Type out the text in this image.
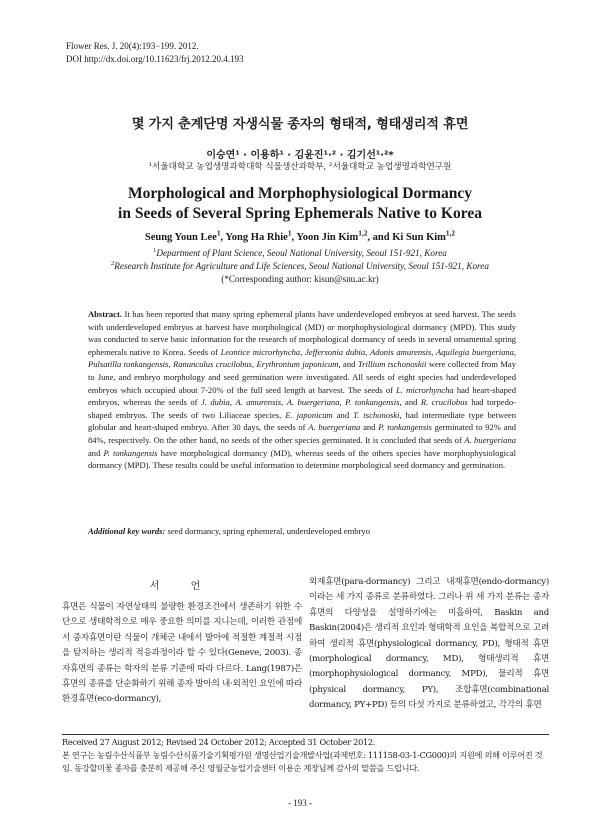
Flower Res. J. 20(4):193−199. 2012.
DOI http://dx.doi.org/10.11623/frj.2012.20.4.193
몇 가지 춘계단명 자생식물 종자의 형태적, 형태생리적 휴면
이승연¹ · 이용하¹ · 김윤진¹·² · 김기선¹·²*
¹서울대학교 농업생명과학대학 식물생산과학부, ²서울대학교 농업생명과학연구원
Morphological and Morphophysiological Dormancy
in Seeds of Several Spring Ephemerals Native to Korea
Seung Youn Lee$^1$, Yong Ha Rhie$^1$, Yoon Jin Kim$^{1,2}$, and Ki Sun Kim$^{1,2}$
$^1$Department of Plant Science, Seoul National University, Seoul 151-921, Korea
$^2$Research Institute for Agriculture and Life Sciences, Seoul National University, Seoul 151-921, Korea
(*Corresponding author: kisun@snu.ac.kr)

Abstract. It has been reported that many spring ephemeral plants have underdeveloped embryos at seed harvest. The seeds with underdeveloped embryos at harvest have morphological (MD) or morphophysiological dormancy (MPD). This study was conducted to serve basic information for the research of morphological dormancy of seeds in several ornamental spring ephemerals native to Korea. Seeds of Leontice microrhyncha, Jeffersonia dubia, Adonis amurensis, Aquilegia buergeriana, Pulsatilla tonkangensis, Ranunculus crucilobus, Erythronium japonicum, and Trillium tschonoskii were collected from May to June, and embryo morphology and seed germination were investigated. All seeds of eight species had underdeveloped embryos which occupied about 7-20% of the full seed length at harvest. The seeds of L. microrhyncha had heart-shaped embryos, whereas the seeds of J. dubia, A. amurensis, A. buergeriana, P. tonkangensis, and R. crucilobus had torpedo-shaped embryos. The seeds of two Liliaceae species, E. japonicum and T. tschonoski, had intermediate type between globular and heart-shaped embryo. After 30 days, the seeds of A. buergeriana and P. tonkangensis germinated to 92% and 84%, respectively. On the other hand, no seeds of the other species germinated. It is concluded that seeds of A. buergeriana and P. tonkangensis have morphological dormancy (MD), whereas seeds of the others species have morphophysiological dormancy (MPD). These results could be useful information to determine morphological seed dormancy and germination.

Additional key words: seed dormancy, spring ephemeral, underdeveloped embryo

서 언

휴면은 식물이 자연상태의 불량한 환경조건에서 생존하기 위한 수단으로 생태학적으로 매우 중요한 의미를 지니는데, 이러한 관점에서 종자휴면이란 식물이 개체군 내에서 발아에 적절한 계절적 시점을 탐지하는 생리적 적응과정이라 할 수 있다(Geneve, 2003). 종자휴면의 종류는 학자의 분류 기준에 따라 다르다. Lang(1987)은 휴면의 종류를 단순화하기 위해 종자 발아의 내·외적인 요인에 따라 환경휴면(eco-dormancy),

외재휴면(para-dormancy) 그리고 내재휴면(endo-dormancy)이라는 세 가지 종류로 분류하였다. 그러나 위 세 가지 분류는 종자휴면의 다양성을 설명하기에는 미흡하여, Baskin and Baskin(2004)은 생리적 요인과 형태학적 요인을 복합적으로 고려하여 생리적 휴면(physiological dormancy, PD), 형태적 휴면(morphological dormancy, MD), 형태생리적 휴면(morphophysiological dormancy, MPD), 물리적 휴면(physical dormancy, PY), 조합휴면(combinational dormancy, PY+PD) 등의 다섯 가지로 분류하였고, 각각의 휴면

Received 27 August 2012; Revised 24 October 2012; Accepted 31 October 2012.
본 연구는 농림수산식품부 농림수산식품기술기획평가원 생명산업기술개발사업(과제번호: 111158-03-1-CG000)의 지원에 의해 이루어진 것임. 동강할미꽃 종자를 충분히 제공해 주신 영월군농업기술센터 이용순 계장님께 감사의 말씀을 드립니다.

- 193 -
